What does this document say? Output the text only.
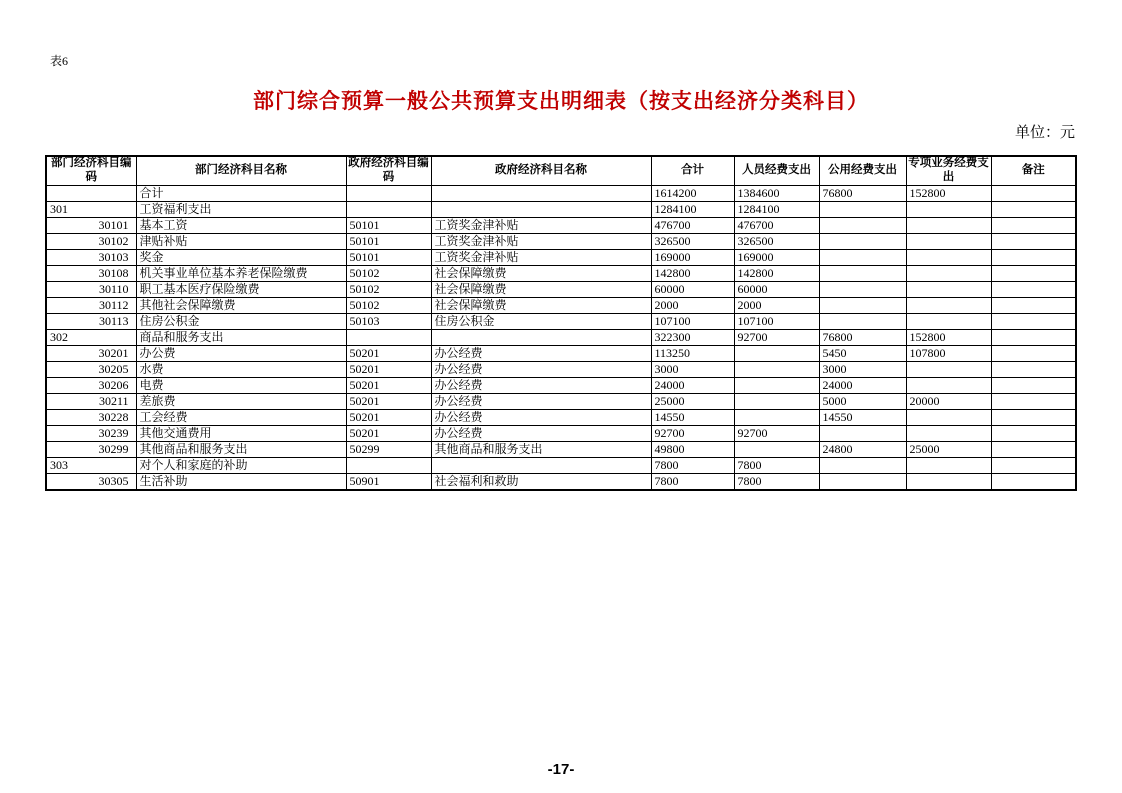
表6
部门综合预算一般公共预算支出明细表（按支出经济分类科目）
单位：元
部门经济科目编码	部门经济科目名称	政府经济科目编码	政府经济科目名称	合计	人员经费支出	公用经费支出	专项业务经费支出	备注
	合计			1614200	1384600	76800	152800	
301	工资福利支出			1284100	1284100			
30101	基本工资	50101	工资奖金津补贴	476700	476700			
30102	津贴补贴	50101	工资奖金津补贴	326500	326500			
30103	奖金	50101	工资奖金津补贴	169000	169000			
30108	机关事业单位基本养老保险缴费	50102	社会保障缴费	142800	142800			
30110	职工基本医疗保险缴费	50102	社会保障缴费	60000	60000			
30112	其他社会保障缴费	50102	社会保障缴费	2000	2000			
30113	住房公积金	50103	住房公积金	107100	107100			
302	商品和服务支出			322300	92700	76800	152800	
30201	办公费	50201	办公经费	113250		5450	107800	
30205	水费	50201	办公经费	3000		3000		
30206	电费	50201	办公经费	24000		24000		
30211	差旅费	50201	办公经费	25000		5000	20000	
30228	工会经费	50201	办公经费	14550		14550		
30239	其他交通费用	50201	办公经费	92700	92700			
30299	其他商品和服务支出	50299	其他商品和服务支出	49800		24800	25000	
303	对个人和家庭的补助			7800	7800			
30305	生活补助	50901	社会福利和救助	7800	7800			
-17-
